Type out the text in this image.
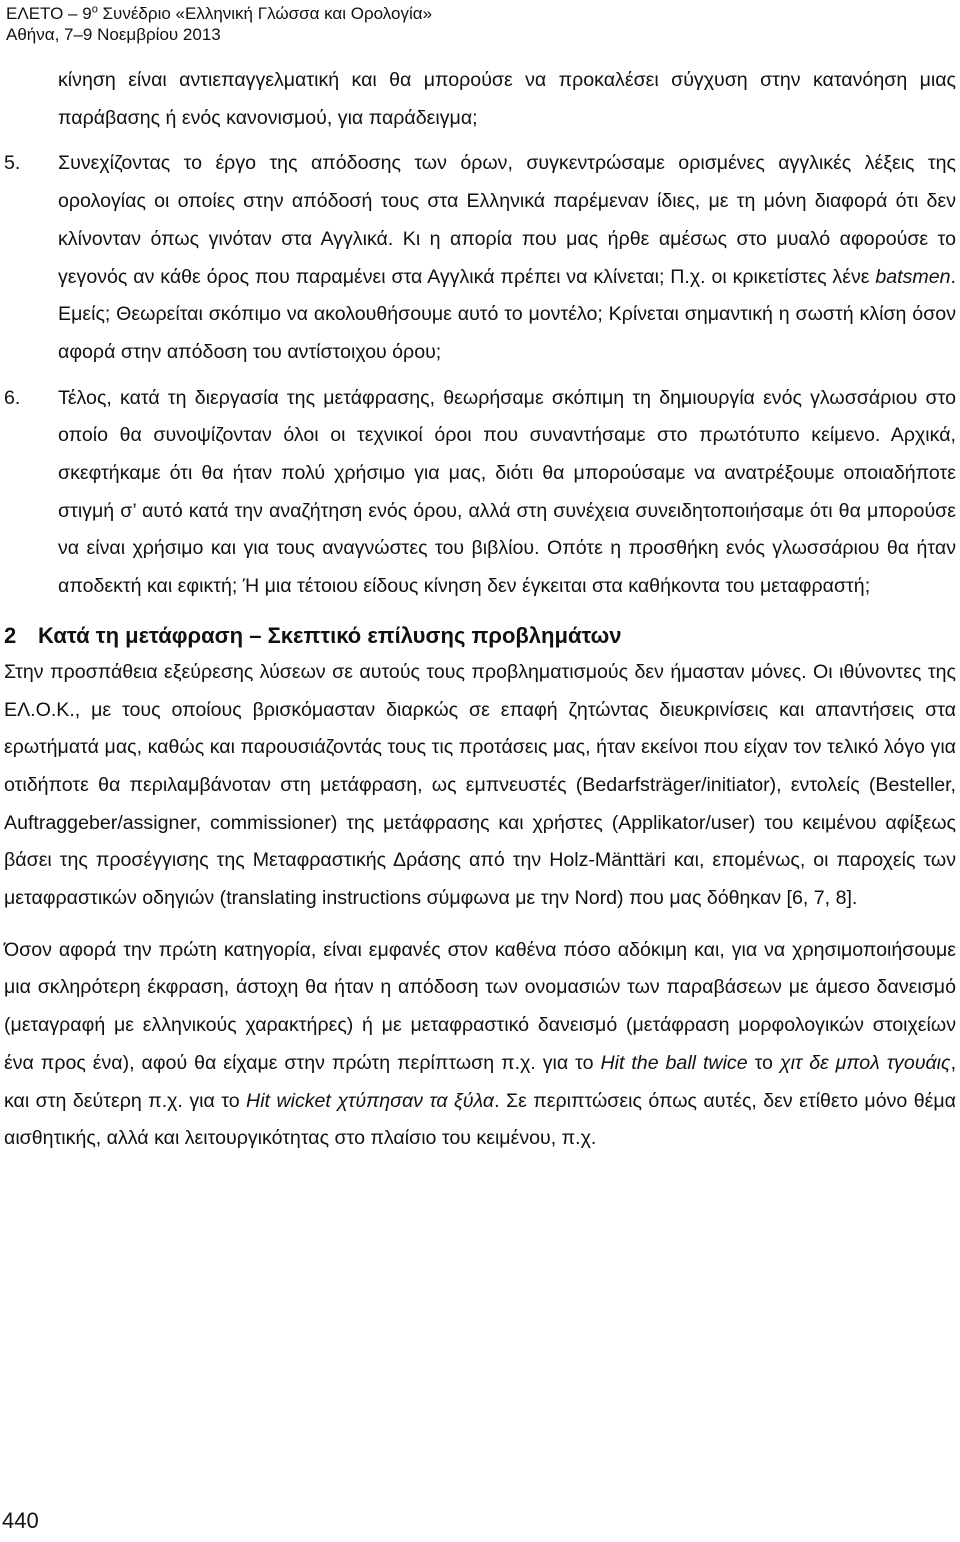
ΕΛΕΤΟ – $9^o$ Συνέδριο «Ελληνική Γλώσσα και Ορολογία»
Αθήνα, 7–9 Νοεμβρίου 2013

κίνηση είναι αντιεπαγγελματική και θα μπορούσε να προκαλέσει σύγχυση στην κατανόηση μιας παράβασης ή ενός κανονισμού, για παράδειγμα;

5.	Συνεχίζοντας το έργο της απόδοσης των όρων, συγκεντρώσαμε ορισμένες αγγλικές λέξεις της ορολογίας οι οποίες στην απόδοσή τους στα Ελληνικά παρέμεναν ίδιες, με τη μόνη διαφορά ότι δεν κλίνονταν όπως γινόταν στα Αγγλικά. Κι η απορία που μας ήρθε αμέσως στο μυαλό αφορούσε το γεγονός αν κάθε όρος που παραμένει στα Αγγλικά πρέπει να κλίνεται; Π.χ. οι κρικετίστες λένε batsmen. Εμείς; Θεωρείται σκόπιμο να ακολουθήσουμε αυτό το μοντέλο; Κρίνεται σημαντική η σωστή κλίση όσον αφορά στην απόδοση του αντίστοιχου όρου;

6.	Τέλος, κατά τη διεργασία της μετάφρασης, θεωρήσαμε σκόπιμη τη δημιουργία ενός γλωσσάριου στο οποίο θα συνοψίζονταν όλοι οι τεχνικοί όροι που συναντήσαμε στο πρωτότυπο κείμενο. Αρχικά, σκεφτήκαμε ότι θα ήταν πολύ χρήσιμο για μας, διότι θα μπορούσαμε να ανατρέξουμε οποιαδήποτε στιγμή σ’ αυτό κατά την αναζήτηση ενός όρου, αλλά στη συνέχεια συνειδητοποιήσαμε ότι θα μπορούσε να είναι χρήσιμο και για τους αναγνώστες του βιβλίου. Οπότε η προσθήκη ενός γλωσσάριου θα ήταν αποδεκτή και εφικτή; Ή μια τέτοιου είδους κίνηση δεν έγκειται στα καθήκοντα του μεταφραστή;

2 Κατά τη μετάφραση – Σκεπτικό επίλυσης προβλημάτων

Στην προσπάθεια εξεύρεσης λύσεων σε αυτούς τους προβληματισμούς δεν ήμασταν μόνες. Οι ιθύνοντες της ΕΛ.Ο.Κ., με τους οποίους βρισκόμασταν διαρκώς σε επαφή ζητώντας διευκρινίσεις και απαντήσεις στα ερωτήματά μας, καθώς και παρουσιάζοντάς τους τις προτάσεις μας, ήταν εκείνοι που είχαν τον τελικό λόγο για οτιδήποτε θα περιλαμβάνοταν στη μετάφραση, ως εμπνευστές (Bedarfsträger/initiator), εντολείς (Besteller, Auftraggeber/assigner, commissioner) της μετάφρασης και χρήστες (Applikator/user) του κειμένου αφίξεως βάσει της προσέγγισης της Μεταφραστικής Δράσης από την Holz-Mänttäri και, επομένως, οι παροχείς των μεταφραστικών οδηγιών (translating instructions σύμφωνα με την Nord) που μας δόθηκαν [6, 7, 8].

Όσον αφορά την πρώτη κατηγορία, είναι εμφανές στον καθένα πόσο αδόκιμη και, για να χρησιμοποιήσουμε μια σκληρότερη έκφραση, άστοχη θα ήταν η απόδοση των ονομασιών των παραβάσεων με άμεσο δανεισμό (μεταγραφή με ελληνικούς χαρακτήρες) ή με μεταφραστικό δανεισμό (μετάφραση μορφολογικών στοιχείων ένα προς ένα), αφού θα είχαμε στην πρώτη περίπτωση π.χ. για το Hit the ball twice το χιτ δε μπολ τγουάις, και στη δεύτερη π.χ. για το Hit wicket χτύπησαν τα ξύλα. Σε περιπτώσεις όπως αυτές, δεν ετίθετο μόνο θέμα αισθητικής, αλλά και λειτουργικότητας στο πλαίσιο του κειμένου, π.χ.

440
